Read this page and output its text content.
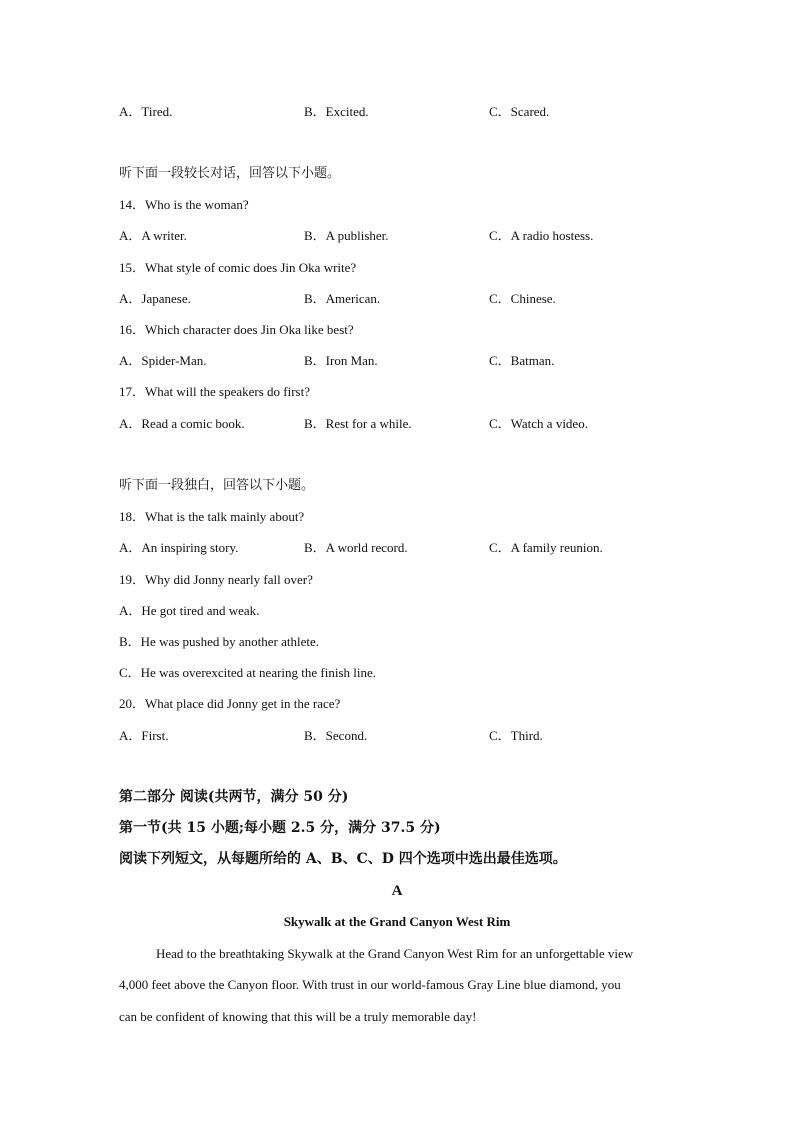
A．Tired.	B．Excited.	C．Scared.
听下面一段较长对话，回答以下小题。
14．Who is the woman?
A．A writer.	B．A publisher.	C．A radio hostess.
15．What style of comic does Jin Oka write?
A．Japanese.	B．American.	C．Chinese.
16．Which character does Jin Oka like best?
A．Spider-Man.	B．Iron Man.	C．Batman.
17．What will the speakers do first?
A．Read a comic book.	B．Rest for a while.	C．Watch a video.
听下面一段独白，回答以下小题。
18．What is the talk mainly about?
A．An inspiring story.	B．A world record.	C．A family reunion.
19．Why did Jonny nearly fall over?
A．He got tired and weak.
B．He was pushed by another athlete.
C．He was overexcited at nearing the finish line.
20．What place did Jonny get in the race?
A．First.	B．Second.	C．Third.
第二部分 阅读(共两节，满分 50 分)
第一节(共 15 小题;每小题 2.5 分，满分 37.5 分)
阅读下列短文，从每题所给的 A、B、C、D 四个选项中选出最佳选项。
A
Skywalk at the Grand Canyon West Rim
Head to the breathtaking Skywalk at the Grand Canyon West Rim for an unforgettable view
4,000 feet above the Canyon floor. With trust in our world-famous Gray Line blue diamond, you
can be confident of knowing that this will be a truly memorable day!
